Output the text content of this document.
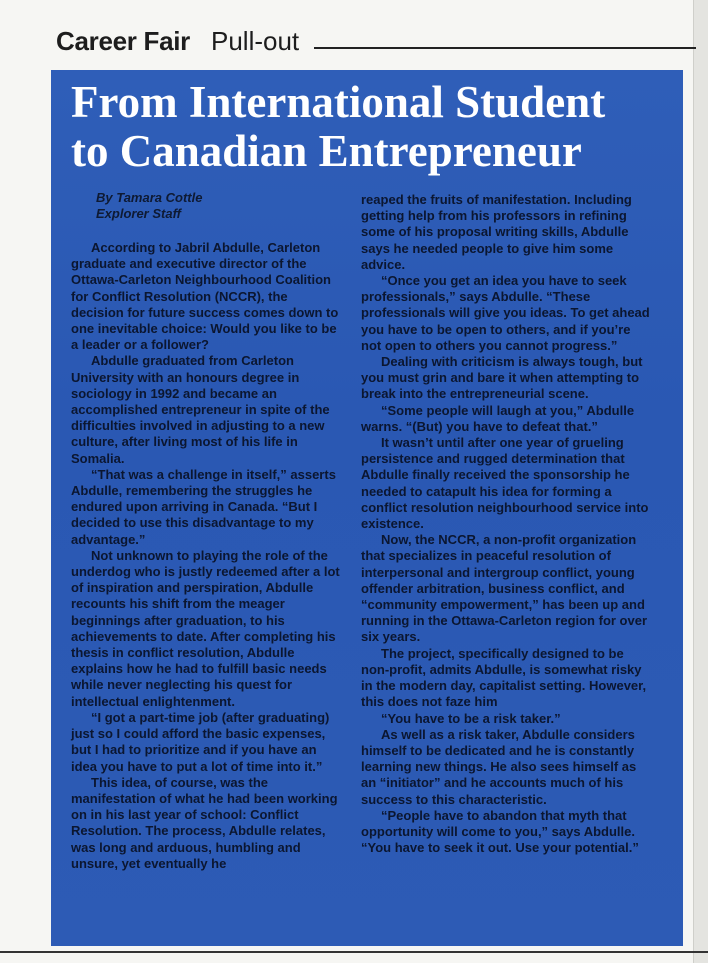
Career Fair Pull-out
From International Student
to Canadian Entrepreneur
By Tamara Cottle
Explorer Staff

According to Jabril Abdulle, Carleton graduate and executive director of the Ottawa-Carleton Neighbourhood Coalition for Conflict Resolution (NCCR), the decision for future success comes down to one inevitable choice: Would you like to be a leader or a follower?

Abdulle graduated from Carleton University with an honours degree in sociology in 1992 and became an accomplished entrepreneur in spite of the difficulties involved in adjusting to a new culture, after living most of his life in Somalia.

“That was a challenge in itself,” asserts Abdulle, remembering the struggles he endured upon arriving in Canada. “But I decided to use this disadvantage to my advantage.”

Not unknown to playing the role of the underdog who is justly redeemed after a lot of inspiration and perspiration, Abdulle recounts his shift from the meager beginnings after graduation, to his achievements to date. After completing his thesis in conflict resolution, Abdulle explains how he had to fulfill basic needs while never neglecting his quest for intellectual enlightenment.

“I got a part-time job (after graduating) just so I could afford the basic expenses, but I had to prioritize and if you have an idea you have to put a lot of time into it.”

This idea, of course, was the manifestation of what he had been working on in his last year of school: Conflict Resolution. The process, Abdulle relates, was long and arduous, humbling and unsure, yet eventually he

reaped the fruits of manifestation. Including getting help from his professors in refining some of his proposal writing skills, Abdulle says he needed people to give him some advice.

“Once you get an idea you have to seek professionals,” says Abdulle. “These professionals will give you ideas. To get ahead you have to be open to others, and if you’re not open to others you cannot progress.”

Dealing with criticism is always tough, but you must grin and bare it when attempting to break into the entrepreneurial scene.

“Some people will laugh at you,” Abdulle warns. “(But) you have to defeat that.”

It wasn’t until after one year of grueling persistence and rugged determination that Abdulle finally received the sponsorship he needed to catapult his idea for forming a conflict resolution neighbourhood service into existence.

Now, the NCCR, a non-profit organization that specializes in peaceful resolution of interpersonal and intergroup conflict, young offender arbitration, business conflict, and “community empowerment,” has been up and running in the Ottawa-Carleton region for over six years.

The project, specifically designed to be non-profit, admits Abdulle, is somewhat risky in the modern day, capitalist setting. However, this does not faze him

“You have to be a risk taker.”

As well as a risk taker, Abdulle considers himself to be dedicated and he is constantly learning new things. He also sees himself as an “initiator” and he accounts much of his success to this characteristic.

“People have to abandon that myth that opportunity will come to you,” says Abdulle. “You have to seek it out. Use your potential.”
